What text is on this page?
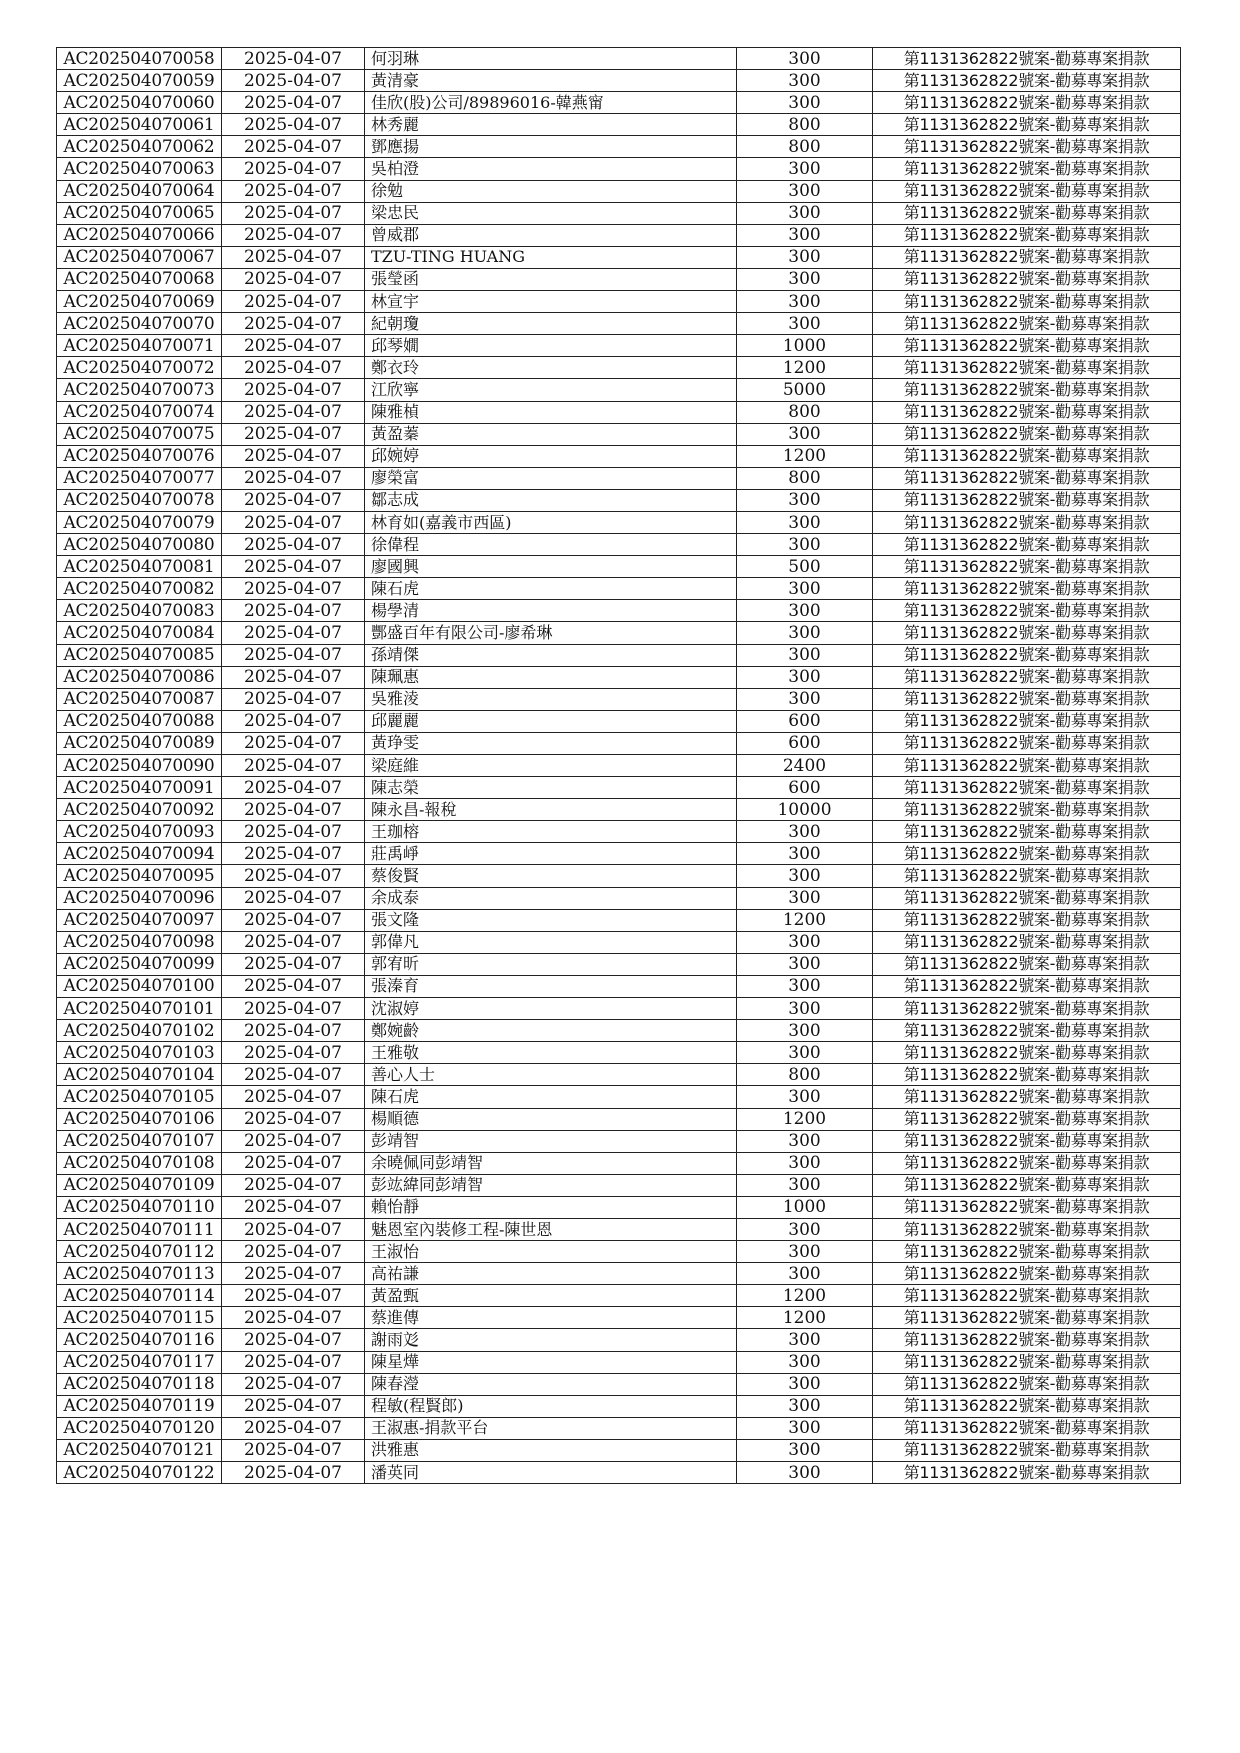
AC202504070058	2025-04-07	何羽琳	300	第1131362822號案-勸募專案捐款
AC202504070059	2025-04-07	黃清豪	300	第1131362822號案-勸募專案捐款
AC202504070060	2025-04-07	佳欣(股)公司/89896016-韓燕甯	300	第1131362822號案-勸募專案捐款
AC202504070061	2025-04-07	林秀麗	800	第1131362822號案-勸募專案捐款
AC202504070062	2025-04-07	鄧應揚	800	第1131362822號案-勸募專案捐款
AC202504070063	2025-04-07	吳柏澄	300	第1131362822號案-勸募專案捐款
AC202504070064	2025-04-07	徐勉	300	第1131362822號案-勸募專案捐款
AC202504070065	2025-04-07	梁忠民	300	第1131362822號案-勸募專案捐款
AC202504070066	2025-04-07	曾威郡	300	第1131362822號案-勸募專案捐款
AC202504070067	2025-04-07	TZU-TING HUANG	300	第1131362822號案-勸募專案捐款
AC202504070068	2025-04-07	張瑩函	300	第1131362822號案-勸募專案捐款
AC202504070069	2025-04-07	林宣宇	300	第1131362822號案-勸募專案捐款
AC202504070070	2025-04-07	紀朝瓊	300	第1131362822號案-勸募專案捐款
AC202504070071	2025-04-07	邱琴嫺	1000	第1131362822號案-勸募專案捐款
AC202504070072	2025-04-07	鄭衣玲	1200	第1131362822號案-勸募專案捐款
AC202504070073	2025-04-07	江欣寧	5000	第1131362822號案-勸募專案捐款
AC202504070074	2025-04-07	陳雅楨	800	第1131362822號案-勸募專案捐款
AC202504070075	2025-04-07	黃盈蓁	300	第1131362822號案-勸募專案捐款
AC202504070076	2025-04-07	邱婉婷	1200	第1131362822號案-勸募專案捐款
AC202504070077	2025-04-07	廖榮富	800	第1131362822號案-勸募專案捐款
AC202504070078	2025-04-07	鄒志成	300	第1131362822號案-勸募專案捐款
AC202504070079	2025-04-07	林育如(嘉義市西區)	300	第1131362822號案-勸募專案捐款
AC202504070080	2025-04-07	徐偉程	300	第1131362822號案-勸募專案捐款
AC202504070081	2025-04-07	廖國興	500	第1131362822號案-勸募專案捐款
AC202504070082	2025-04-07	陳石虎	300	第1131362822號案-勸募專案捐款
AC202504070083	2025-04-07	楊學清	300	第1131362822號案-勸募專案捐款
AC202504070084	2025-04-07	酆盛百年有限公司-廖希琳	300	第1131362822號案-勸募專案捐款
AC202504070085	2025-04-07	孫靖傑	300	第1131362822號案-勸募專案捐款
AC202504070086	2025-04-07	陳珮惠	300	第1131362822號案-勸募專案捐款
AC202504070087	2025-04-07	吳雅淩	300	第1131362822號案-勸募專案捐款
AC202504070088	2025-04-07	邱麗麗	600	第1131362822號案-勸募專案捐款
AC202504070089	2025-04-07	黃琤雯	600	第1131362822號案-勸募專案捐款
AC202504070090	2025-04-07	梁庭維	2400	第1131362822號案-勸募專案捐款
AC202504070091	2025-04-07	陳志榮	600	第1131362822號案-勸募專案捐款
AC202504070092	2025-04-07	陳永昌-報稅	10000	第1131362822號案-勸募專案捐款
AC202504070093	2025-04-07	王珈榕	300	第1131362822號案-勸募專案捐款
AC202504070094	2025-04-07	莊禹崢	300	第1131362822號案-勸募專案捐款
AC202504070095	2025-04-07	蔡俊賢	300	第1131362822號案-勸募專案捐款
AC202504070096	2025-04-07	余成泰	300	第1131362822號案-勸募專案捐款
AC202504070097	2025-04-07	張文隆	1200	第1131362822號案-勸募專案捐款
AC202504070098	2025-04-07	郭偉凡	300	第1131362822號案-勸募專案捐款
AC202504070099	2025-04-07	郭宥昕	300	第1131362822號案-勸募專案捐款
AC202504070100	2025-04-07	張溱育	300	第1131362822號案-勸募專案捐款
AC202504070101	2025-04-07	沈淑婷	300	第1131362822號案-勸募專案捐款
AC202504070102	2025-04-07	鄭婉齡	300	第1131362822號案-勸募專案捐款
AC202504070103	2025-04-07	王雅敬	300	第1131362822號案-勸募專案捐款
AC202504070104	2025-04-07	善心人士	800	第1131362822號案-勸募專案捐款
AC202504070105	2025-04-07	陳石虎	300	第1131362822號案-勸募專案捐款
AC202504070106	2025-04-07	楊順德	1200	第1131362822號案-勸募專案捐款
AC202504070107	2025-04-07	彭靖智	300	第1131362822號案-勸募專案捐款
AC202504070108	2025-04-07	余曉佩同彭靖智	300	第1131362822號案-勸募專案捐款
AC202504070109	2025-04-07	彭竑緯同彭靖智	300	第1131362822號案-勸募專案捐款
AC202504070110	2025-04-07	賴怡靜	1000	第1131362822號案-勸募專案捐款
AC202504070111	2025-04-07	魅恩室內裝修工程-陳世恩	300	第1131362822號案-勸募專案捐款
AC202504070112	2025-04-07	王淑怡	300	第1131362822號案-勸募專案捐款
AC202504070113	2025-04-07	高祐謙	300	第1131362822號案-勸募專案捐款
AC202504070114	2025-04-07	黃盈甄	1200	第1131362822號案-勸募專案捐款
AC202504070115	2025-04-07	蔡進傳	1200	第1131362822號案-勸募專案捐款
AC202504070116	2025-04-07	謝雨彣	300	第1131362822號案-勸募專案捐款
AC202504070117	2025-04-07	陳星燁	300	第1131362822號案-勸募專案捐款
AC202504070118	2025-04-07	陳春瀅	300	第1131362822號案-勸募專案捐款
AC202504070119	2025-04-07	程敏(程賢郎)	300	第1131362822號案-勸募專案捐款
AC202504070120	2025-04-07	王淑惠-捐款平台	300	第1131362822號案-勸募專案捐款
AC202504070121	2025-04-07	洪雅惠	300	第1131362822號案-勸募專案捐款
AC202504070122	2025-04-07	潘英同	300	第1131362822號案-勸募專案捐款
